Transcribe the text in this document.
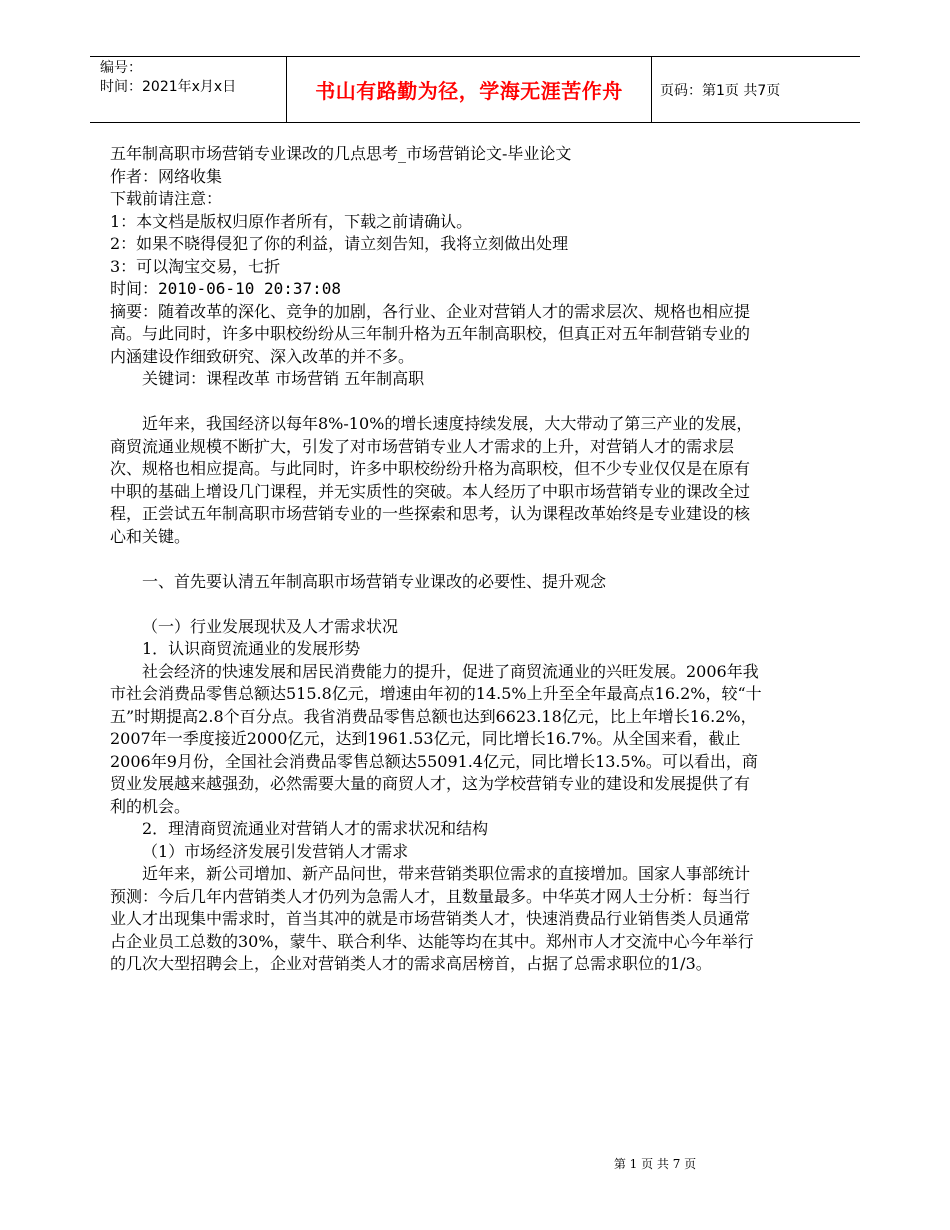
编号：
时间：2021年x月x日	书山有路勤为径，学海无涯苦作舟	页码：第1页 共7页

五年制高职市场营销专业课改的几点思考_市场营销论文-毕业论文

作者：网络收集

下载前请注意：

1：本文档是版权归原作者所有，下载之前请确认。

2：如果不晓得侵犯了你的利益，请立刻告知，我将立刻做出处理

3：可以淘宝交易，七折

时间：2010-06-10 20:37:08

摘要：随着改革的深化、竞争的加剧，各行业、企业对营销人才的需求层次、规格也相应提高。与此同时，许多中职校纷纷从三年制升格为五年制高职校，但真正对五年制营销专业的内涵建设作细致研究、深入改革的并不多。

关键词：课程改革 市场营销 五年制高职

近年来，我国经济以每年8%-10%的增长速度持续发展，大大带动了第三产业的发展，商贸流通业规模不断扩大，引发了对市场营销专业人才需求的上升，对营销人才的需求层次、规格也相应提高。与此同时，许多中职校纷纷升格为高职校，但不少专业仅仅是在原有中职的基础上增设几门课程，并无实质性的突破。本人经历了中职市场营销专业的课改全过程，正尝试五年制高职市场营销专业的一些探索和思考，认为课程改革始终是专业建设的核心和关键。

一、首先要认清五年制高职市场营销专业课改的必要性、提升观念

（一）行业发展现状及人才需求状况

1．认识商贸流通业的发展形势

社会经济的快速发展和居民消费能力的提升，促进了商贸流通业的兴旺发展。2006年我市社会消费品零售总额达515.8亿元，增速由年初的14.5%上升至全年最高点16.2%，较“十五”时期提高2.8个百分点。我省消费品零售总额也达到6623.18亿元，比上年增长16.2%，2007年一季度接近2000亿元，达到1961.53亿元，同比增长16.7%。从全国来看，截止2006年9月份，全国社会消费品零售总额达55091.4亿元，同比增长13.5%。可以看出，商贸业发展越来越强劲，必然需要大量的商贸人才，这为学校营销专业的建设和发展提供了有利的机会。

2．理清商贸流通业对营销人才的需求状况和结构

（1）市场经济发展引发营销人才需求

近年来，新公司增加、新产品问世，带来营销类职位需求的直接增加。国家人事部统计预测：今后几年内营销类人才仍列为急需人才，且数量最多。中华英才网人士分析：每当行业人才出现集中需求时，首当其冲的就是市场营销类人才，快速消费品行业销售类人员通常占企业员工总数的30%，蒙牛、联合利华、达能等均在其中。郑州市人才交流中心今年举行的几次大型招聘会上，企业对营销类人才的需求高居榜首，占据了总需求职位的1/3。

第 1 页 共 7 页
